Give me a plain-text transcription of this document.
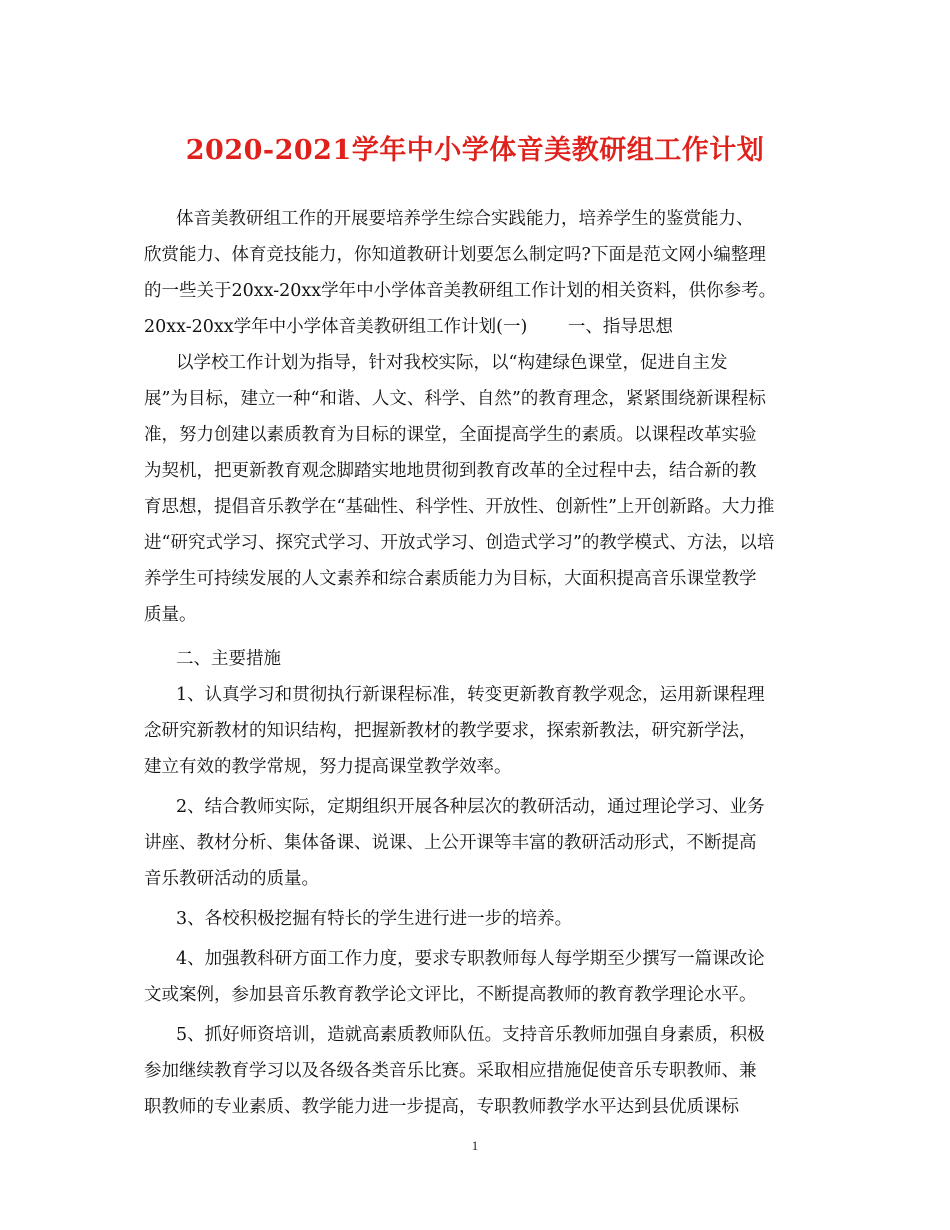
2020-2021学年中小学体音美教研组工作计划
体音美教研组工作的开展要培养学生综合实践能力，培养学生的鉴赏能力、
欣赏能力、体育竞技能力，你知道教研计划要怎么制定吗?下面是范文网小编整理
的一些关于20xx-20xx学年中小学体音美教研组工作计划的相关资料，供你参考。
20xx-20xx学年中小学体音美教研组工作计划(一)　　 一、指导思想
以学校工作计划为指导，针对我校实际，以“构建绿色课堂，促进自主发
展”为目标，建立一种“和谐、人文、科学、自然”的教育理念，紧紧围绕新课程标
准，努力创建以素质教育为目标的课堂，全面提高学生的素质。以课程改革实验
为契机，把更新教育观念脚踏实地地贯彻到教育改革的全过程中去，结合新的教
育思想，提倡音乐教学在“基础性、科学性、开放性、创新性”上开创新路。大力推
进“研究式学习、探究式学习、开放式学习、创造式学习”的教学模式、方法，以培
养学生可持续发展的人文素养和综合素质能力为目标，大面积提高音乐课堂教学
质量。
二、主要措施
1、认真学习和贯彻执行新课程标准，转变更新教育教学观念，运用新课程理
念研究新教材的知识结构，把握新教材的教学要求，探索新教法，研究新学法，
建立有效的教学常规，努力提高课堂教学效率。
2、结合教师实际，定期组织开展各种层次的教研活动，通过理论学习、业务
讲座、教材分析、集体备课、说课、上公开课等丰富的教研活动形式，不断提高
音乐教研活动的质量。
3、各校积极挖掘有特长的学生进行进一步的培养。
4、加强教科研方面工作力度，要求专职教师每人每学期至少撰写一篇课改论
文或案例，参加县音乐教育教学论文评比，不断提高教师的教育教学理论水平。
5、抓好师资培训，造就高素质教师队伍。支持音乐教师加强自身素质，积极
参加继续教育学习以及各级各类音乐比赛。采取相应措施促使音乐专职教师、兼
职教师的专业素质、教学能力进一步提高，专职教师教学水平达到县优质课标
1
